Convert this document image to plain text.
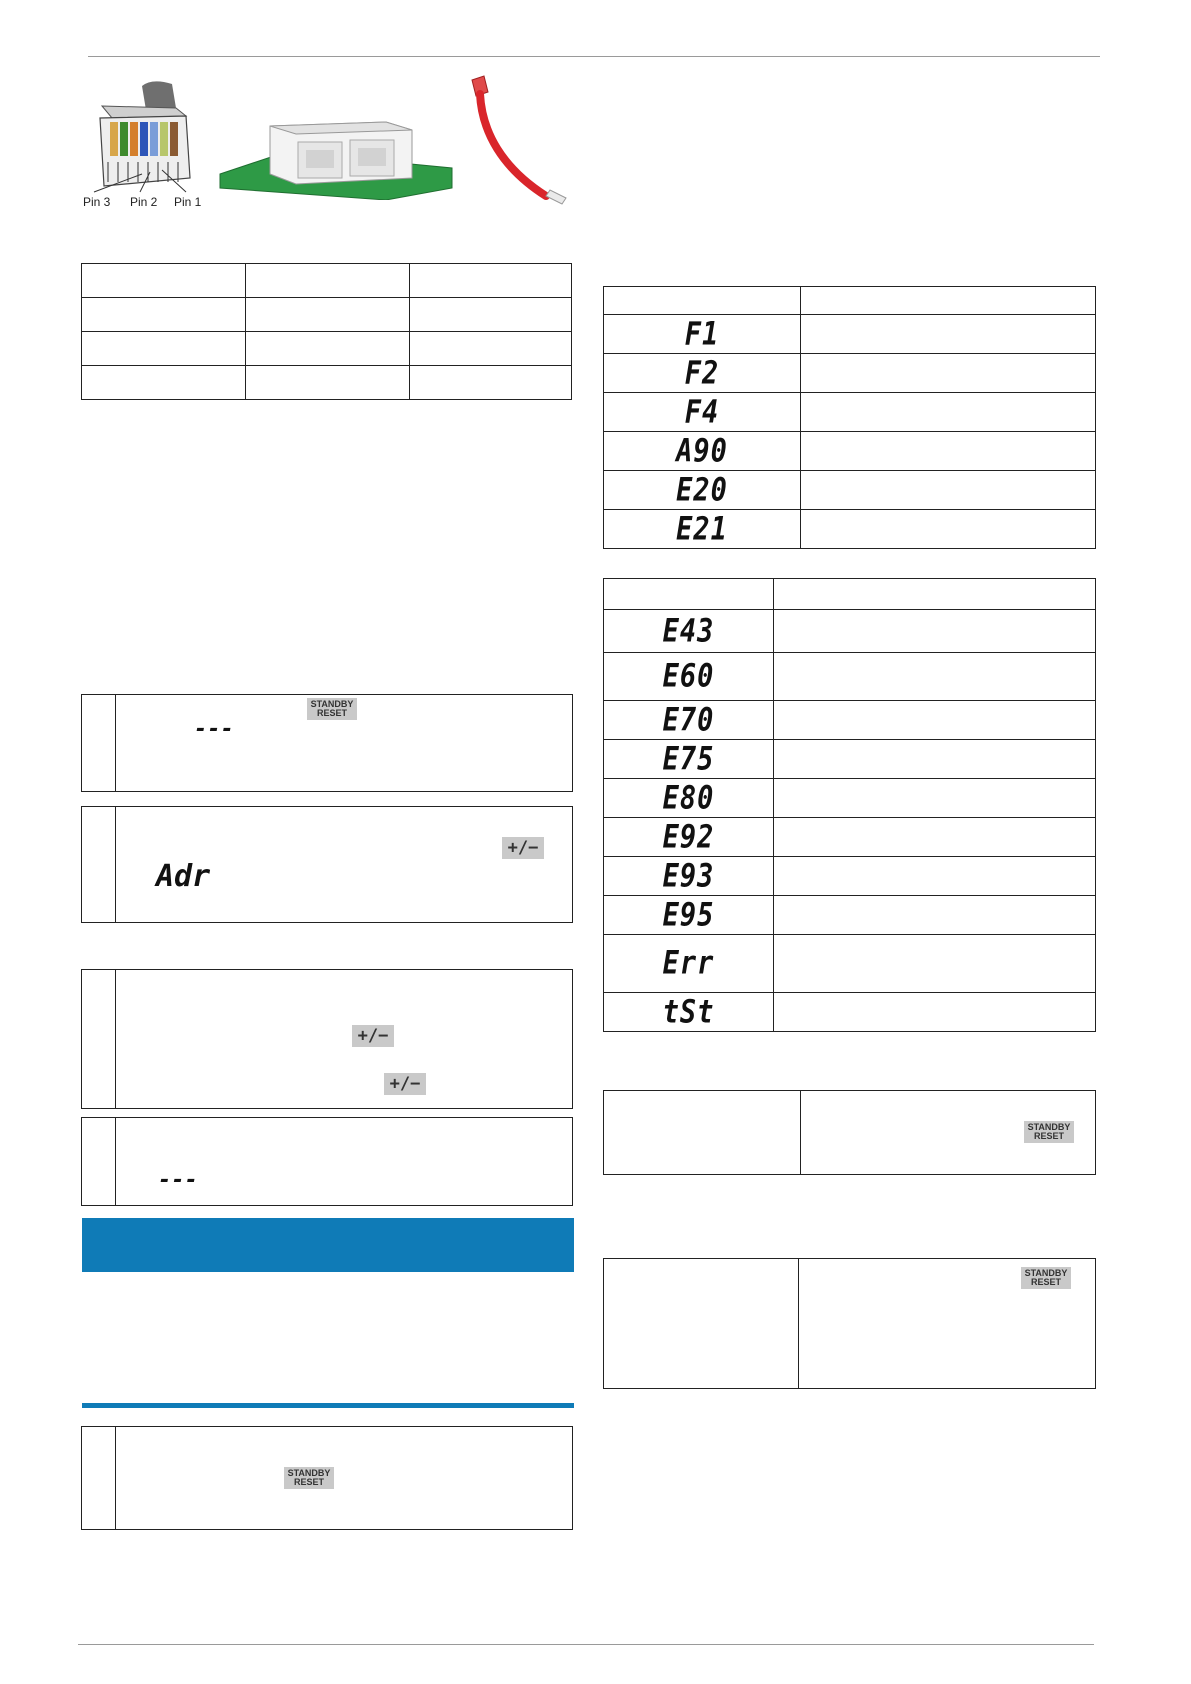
Pin 3 Pin 2 Pin 1

STANDBY
RESET
---
+/−
Adr
+/−
+/−
---
STANDBY
RESET

F1	

F2	

F4	

A90	

E20	

E21	

E43	

E60	

E70	

E75	

E80	

E92	

E93	

E95	

Err	

tSt	

STANDBY
RESET

STANDBY
RESET
